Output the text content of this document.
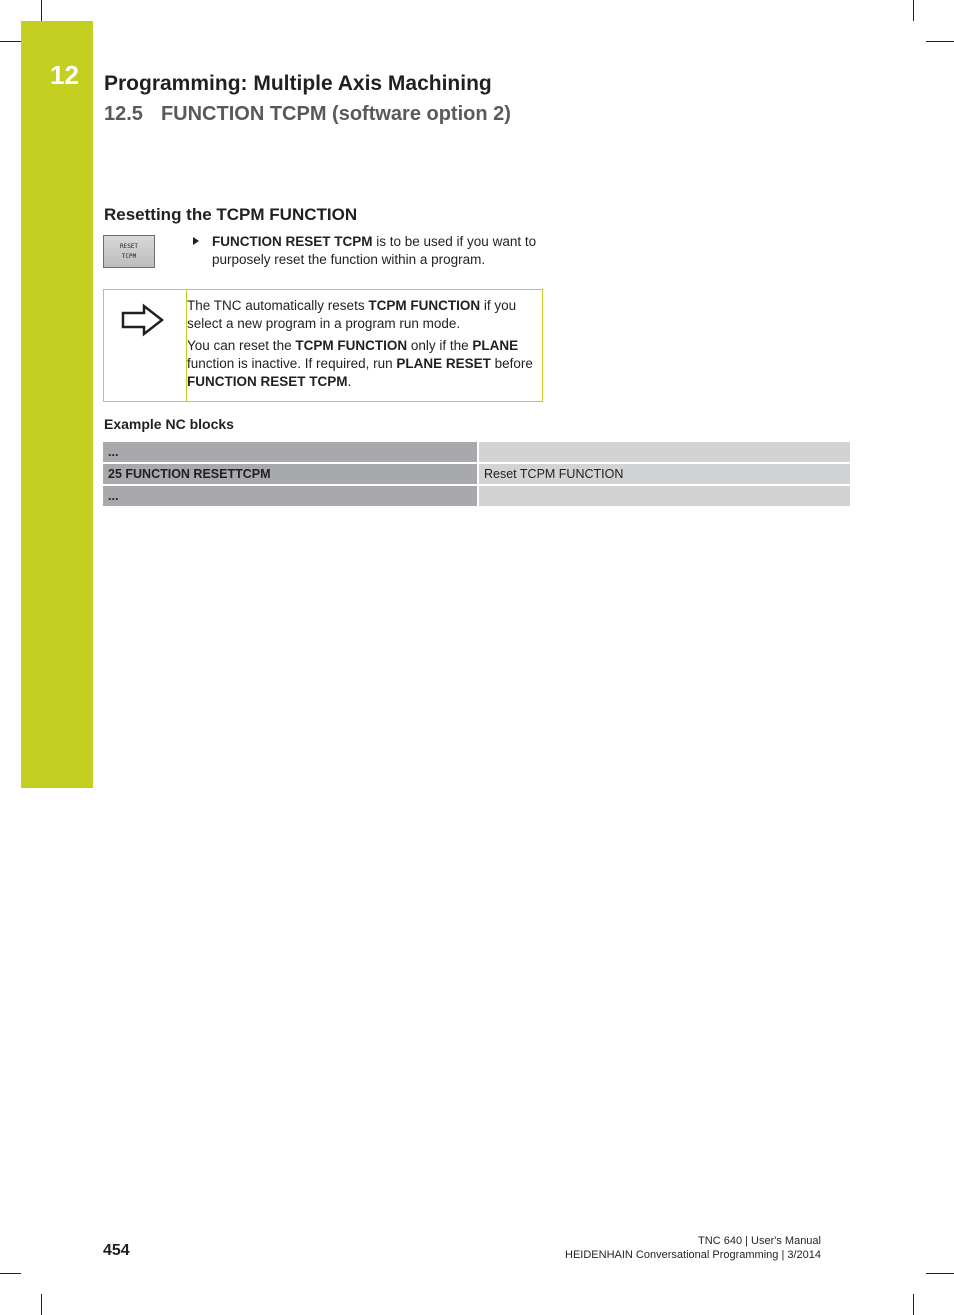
12 Programming: Multiple Axis Machining
12.5 FUNCTION TCPM (software option 2)
Resetting the TCPM FUNCTION
RESET
TCPM
FUNCTION RESET TCPM is to be used if you want to purposely reset the function within a program.

The TNC automatically resets TCPM FUNCTION if you select a new program in a program run mode.

You can reset the TCPM FUNCTION only if the PLANE function is inactive. If required, run PLANE RESET before FUNCTION RESET TCPM.

Example NC blocks
...	
25 FUNCTION RESETTCPM	Reset TCPM FUNCTION
...	
454
TNC 640 | User's Manual
HEIDENHAIN Conversational Programming | 3/2014
